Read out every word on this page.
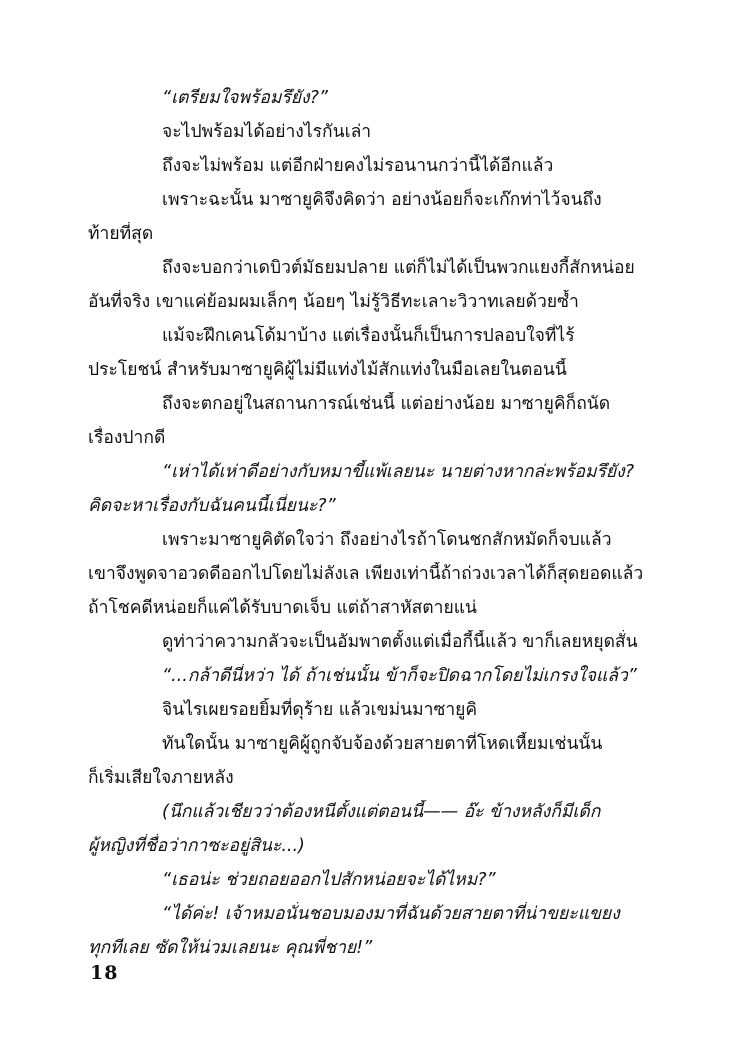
“เตรียมใจพร้อมรึยัง?”
จะไปพร้อมได้อย่างไรกันเล่า
ถึงจะไม่พร้อม แต่อีกฝ่ายคงไม่รอนานกว่านี้ได้อีกแล้ว
เพราะฉะนั้น มาซายูคิจึงคิดว่า อย่างน้อยก็จะเก๊กท่าไว้จนถึง
ท้ายที่สุด
ถึงจะบอกว่าเดบิวต์มัธยมปลาย แต่ก็ไม่ได้เป็นพวกแยงกี้สักหน่อย
อันที่จริง เขาแค่ย้อมผมเล็กๆ น้อยๆ ไม่รู้วิธีทะเลาะวิวาทเลยด้วยซ้ำ
แม้จะฝึกเคนโด้มาบ้าง แต่เรื่องนั้นก็เป็นการปลอบใจที่ไร้
ประโยชน์ สำหรับมาซายูคิผู้ไม่มีแท่งไม้สักแท่งในมือเลยในตอนนี้
ถึงจะตกอยู่ในสถานการณ์เช่นนี้ แต่อย่างน้อย มาซายูคิก็ถนัด
เรื่องปากดี
“เห่าได้เห่าดีอย่างกับหมาขี้แพ้เลยนะ นายต่างหากล่ะพร้อมรึยัง?
คิดจะหาเรื่องกับฉันคนนี้เนี่ยนะ?”
เพราะมาซายูคิตัดใจว่า ถึงอย่างไรถ้าโดนชกสักหมัดก็จบแล้ว
เขาจึงพูดจาอวดดีออกไปโดยไม่ลังเล เพียงเท่านี้ถ้าถ่วงเวลาได้ก็สุดยอดแล้ว
ถ้าโชคดีหน่อยก็แค่ได้รับบาดเจ็บ แต่ถ้าสาหัสตายแน่
ดูท่าว่าความกลัวจะเป็นอัมพาตตั้งแต่เมื่อกี้นี้แล้ว ขาก็เลยหยุดสั่น
“...กล้าดีนี่หว่า ได้ ถ้าเช่นนั้น ข้าก็จะปิดฉากโดยไม่เกรงใจแล้ว”
จินไรเผยรอยยิ้มที่ดุร้าย แล้วเขม่นมาซายูคิ
ทันใดนั้น มาซายูคิผู้ถูกจับจ้องด้วยสายตาที่โหดเหี้ยมเช่นนั้น
ก็เริ่มเสียใจภายหลัง
(นึกแล้วเชียวว่าต้องหนีตั้งแต่ตอนนี้—— อ๊ะ ข้างหลังก็มีเด็ก
ผู้หญิงที่ชื่อว่ากาซะอยู่สินะ...)
“เธอน่ะ ช่วยถอยออกไปสักหน่อยจะได้ไหม?”
“ได้ค่ะ! เจ้าหมอนั่นชอบมองมาที่ฉันด้วยสายตาที่น่าขยะแขยง
ทุกทีเลย ซัดให้น่วมเลยนะ คุณพี่ชาย!”
18
